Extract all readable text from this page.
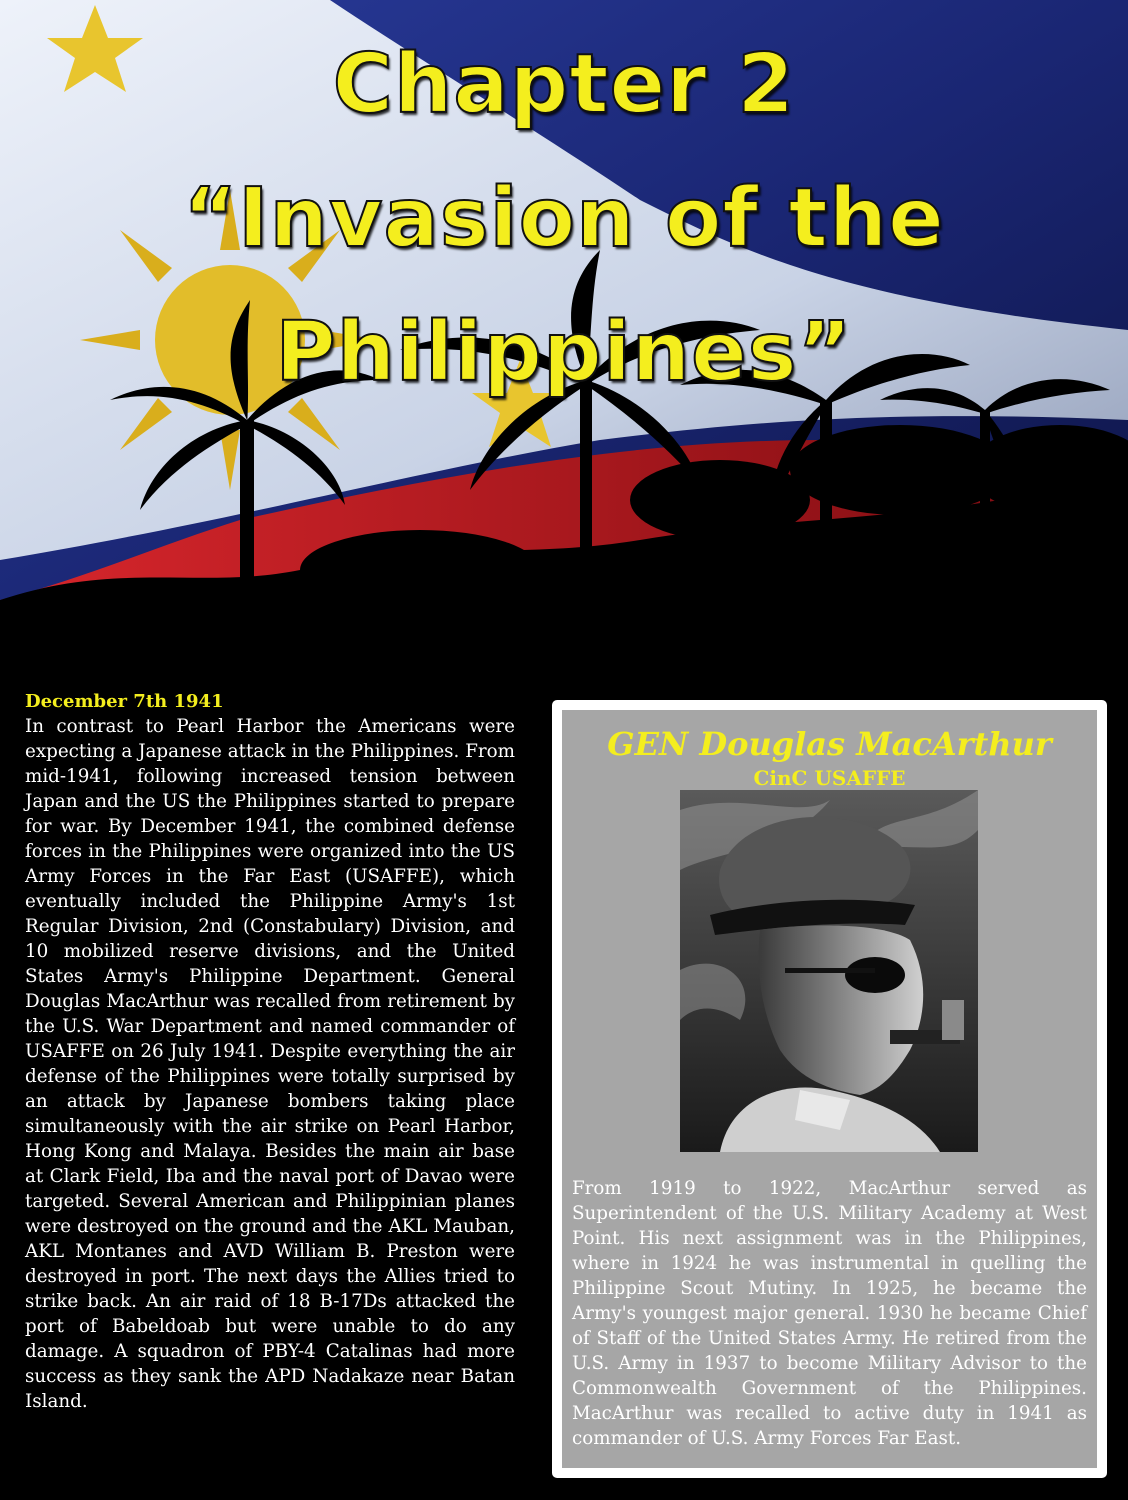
Chapter 2
“Invasion of the
Philippines”
December 7th 1941

In contrast to Pearl Harbor the Americans were expecting a Japanese attack in the Philippines. From mid-1941, following increased tension between Japan and the US the Philippines started to prepare for war. By December 1941, the combined defense forces in the Philippines were organized into the US Army Forces in the Far East (USAFFE), which eventually included the Philippine Army's 1st Regular Division, 2nd (Constabulary) Division, and 10 mobilized reserve divisions, and the United States Army's Philippine Department. General Douglas MacArthur was recalled from retirement by the U.S. War Department and named commander of USAFFE on 26 July 1941. Despite everything the air defense of the Philippines were totally surprised by an attack by Japanese bombers taking place simultaneously with the air strike on Pearl Harbor, Hong Kong and Malaya. Besides the main air base at Clark Field, Iba and the naval port of Davao were targeted. Several American and Philippinian planes were destroyed on the ground and the AKL Mauban, AKL Montanes and AVD William B. Preston were destroyed in port. The next days the Allies tried to strike back. An air raid of 18 B-17Ds attacked the port of Babeldoab but were unable to do any damage. A squadron of PBY-4 Catalinas had more success as they sank the APD Nadakaze near Batan Island.

GEN Douglas MacArthur
CinC USAFFE

From 1919 to 1922, MacArthur served as Superintendent of the U.S. Military Academy at West Point. His next assignment was in the Philippines, where in 1924 he was instrumental in quelling the Philippine Scout Mutiny. In 1925, he became the Army's youngest major general. 1930 he became Chief of Staff of the United States Army. He retired from the U.S. Army in 1937 to become Military Advisor to the Commonwealth Government of the Philippines. MacArthur was recalled to active duty in 1941 as commander of U.S. Army Forces Far East.
